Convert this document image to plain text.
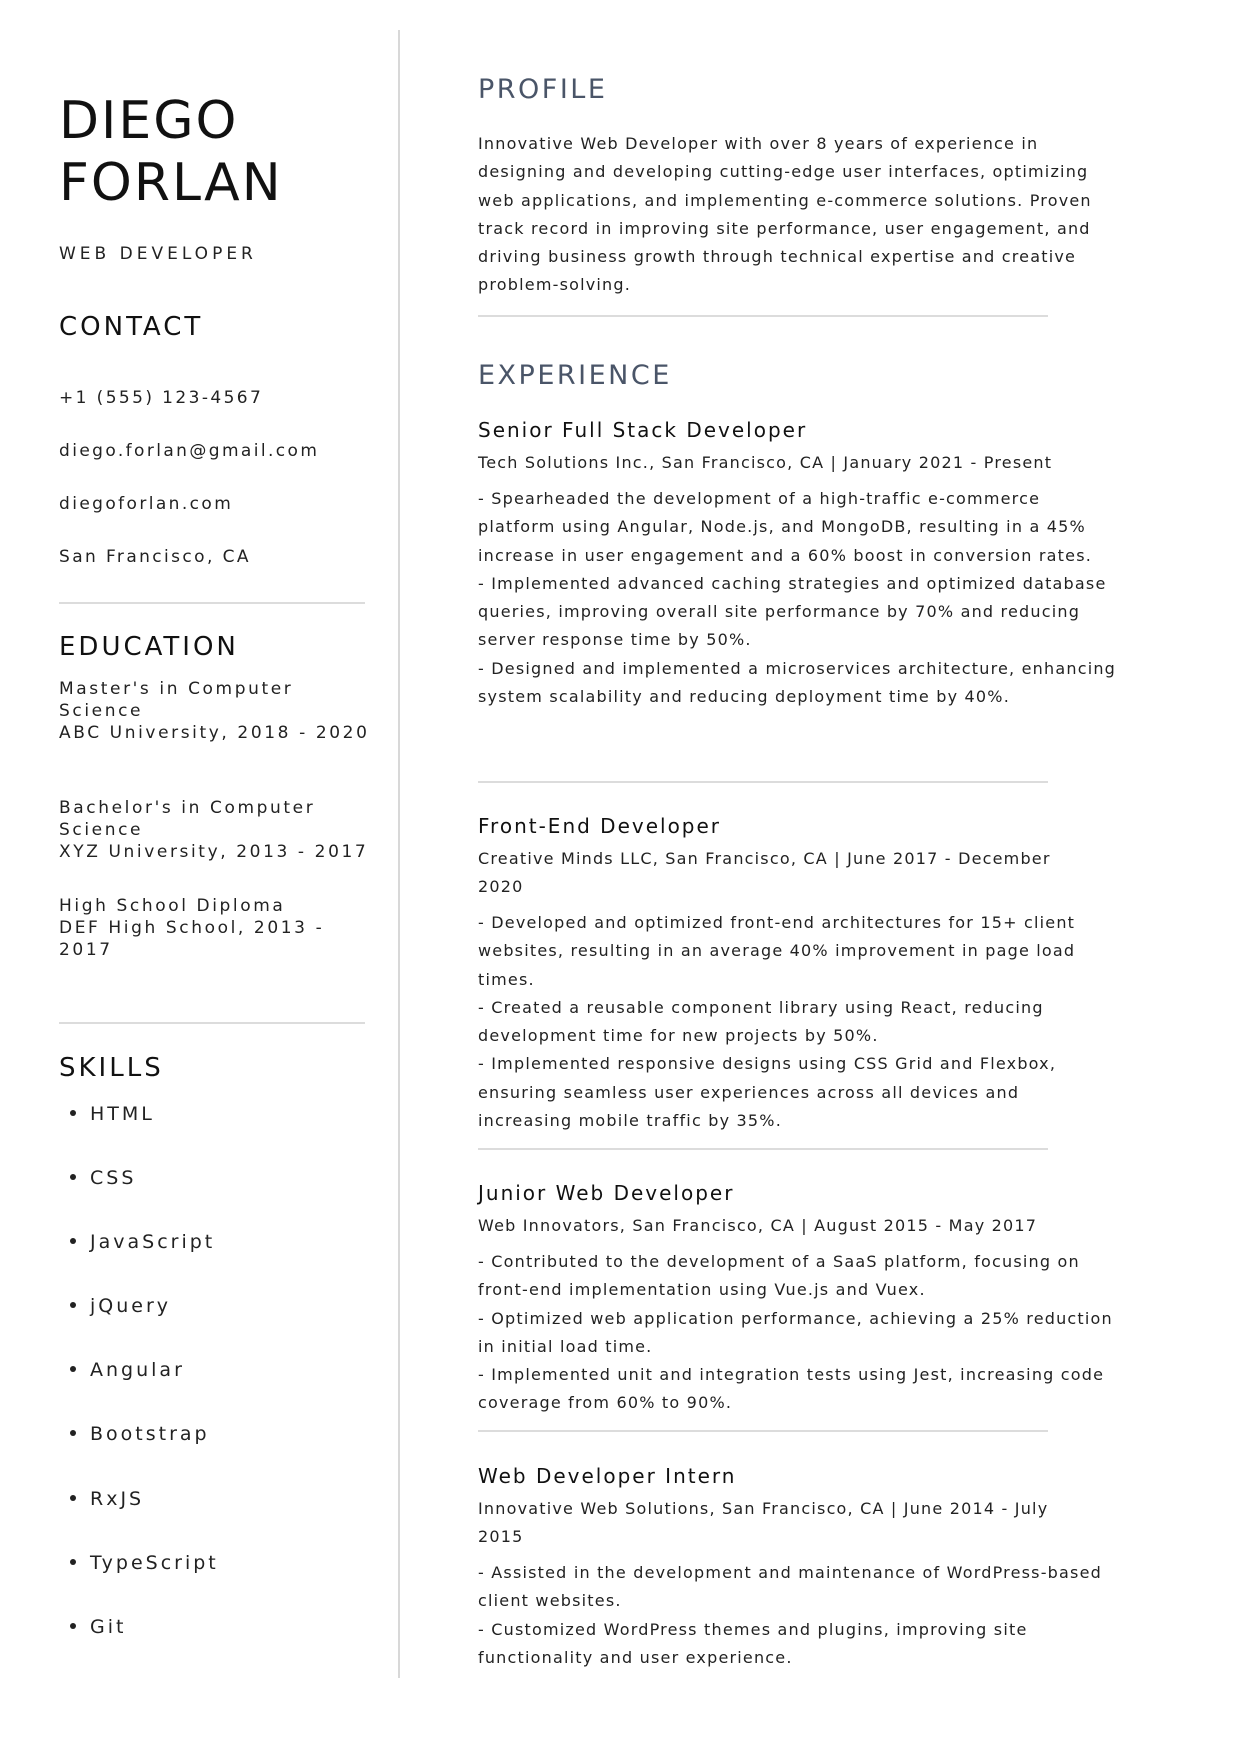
DIEGO
FORLAN
WEB DEVELOPER
CONTACT
+1 (555) 123-4567
diego.forlan@gmail.com
diegoforlan.com
San Francisco, CA
EDUCATION
Master's in Computer Science
ABC University, 2018 - 2020
Bachelor's in Computer Science
XYZ University, 2013 - 2017
High School Diploma
DEF High School, 2013 - 2017
SKILLS
HTML
CSS
JavaScript
jQuery
Angular
Bootstrap
RxJS
TypeScript
Git
PROFILE
Innovative Web Developer with over 8 years of experience in designing and developing cutting-edge user interfaces, optimizing web applications, and implementing e-commerce solutions. Proven track record in improving site performance, user engagement, and driving business growth through technical expertise and creative problem-solving.
EXPERIENCE
Senior Full Stack Developer
Tech Solutions Inc., San Francisco, CA | January 2021 - Present
- Spearheaded the development of a high-traffic e-commerce platform using Angular, Node.js, and MongoDB, resulting in a 45% increase in user engagement and a 60% boost in conversion rates.
- Implemented advanced caching strategies and optimized database queries, improving overall site performance by 70% and reducing server response time by 50%.
- Designed and implemented a microservices architecture, enhancing system scalability and reducing deployment time by 40%.
Front-End Developer
Creative Minds LLC, San Francisco, CA | June 2017 - December 2020
- Developed and optimized front-end architectures for 15+ client websites, resulting in an average 40% improvement in page load times.
- Created a reusable component library using React, reducing development time for new projects by 50%.
- Implemented responsive designs using CSS Grid and Flexbox, ensuring seamless user experiences across all devices and increasing mobile traffic by 35%.
Junior Web Developer
Web Innovators, San Francisco, CA | August 2015 - May 2017
- Contributed to the development of a SaaS platform, focusing on front-end implementation using Vue.js and Vuex.
- Optimized web application performance, achieving a 25% reduction in initial load time.
- Implemented unit and integration tests using Jest, increasing code coverage from 60% to 90%.
Web Developer Intern
Innovative Web Solutions, San Francisco, CA | June 2014 - July 2015
- Assisted in the development and maintenance of WordPress-based client websites.
- Customized WordPress themes and plugins, improving site functionality and user experience.
